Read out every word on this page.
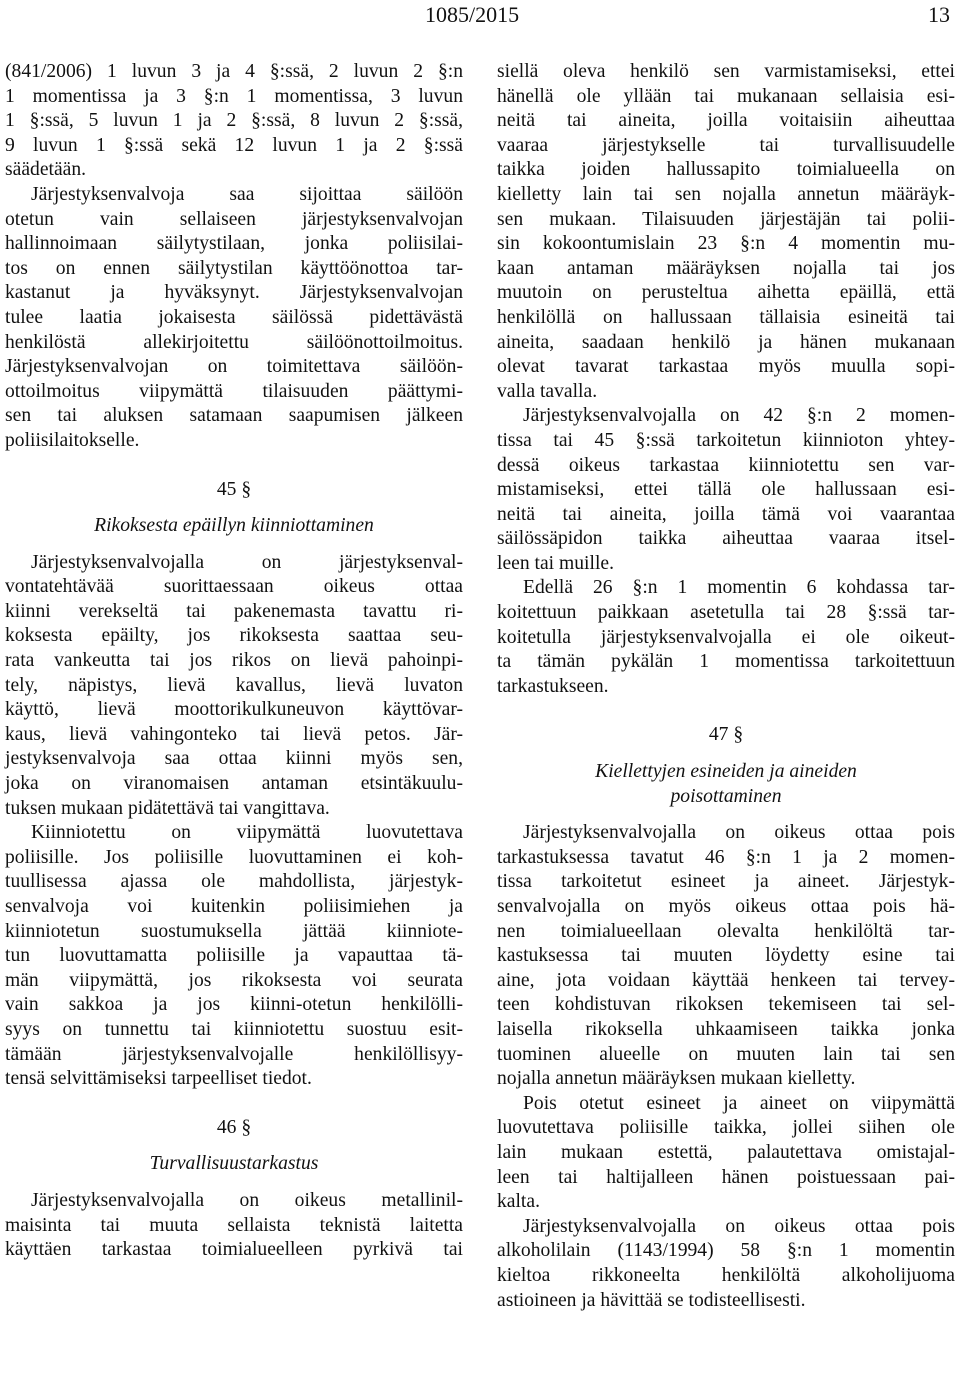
1085/2015	13
(841/2006) 1 luvun 3 ja 4 §:ssä, 2 luvun 2 §:n
1 momentissa ja 3 §:n 1 momentissa, 3 luvun
1 §:ssä, 5 luvun 1 ja 2 §:ssä, 8 luvun 2 §:ssä,
9 luvun 1 §:ssä sekä 12 luvun 1 ja 2 §:ssä
säädetään.
Järjestyksenvalvoja saa sijoittaa säilöön
otetun vain sellaiseen järjestyksenvalvojan
hallinnoimaan säilytystilaan, jonka poliisilai-
tos on ennen säilytystilan käyttöönottoa tar-
kastanut ja hyväksynyt. Järjestyksenvalvojan
tulee laatia jokaisesta säilössä pidettävästä
henkilöstä allekirjoitettu säilöönottoilmoitus.
Järjestyksenvalvojan on toimitettava säilöön-
ottoilmoitus viipymättä tilaisuuden päättymi-
sen tai aluksen satamaan saapumisen jälkeen
poliisilaitokselle.
45 §
Rikoksesta epäillyn kiinniottaminen
Järjestyksenvalvojalla on järjestyksenval-
vontatehtävää suorittaessaan oikeus ottaa
kiinni verekseltä tai pakenemasta tavattu ri-
koksesta epäilty, jos rikoksesta saattaa seu-
rata vankeutta tai jos rikos on lievä pahoinpi-
tely, näpistys, lievä kavallus, lievä luvaton
käyttö, lievä moottorikulkuneuvon käyttövar-
kaus, lievä vahingonteko tai lievä petos. Jär-
jestyksenvalvoja saa ottaa kiinni myös sen,
joka on viranomaisen antaman etsintäkuulu-
tuksen mukaan pidätettävä tai vangittava.
Kiinniotettu on viipymättä luovutettava
poliisille. Jos poliisille luovuttaminen ei koh-
tuullisessa ajassa ole mahdollista, järjestyk-
senvalvoja voi kuitenkin poliisimiehen ja
kiinniotetun suostumuksella jättää kiinniote-
tun luovuttamatta poliisille ja vapauttaa tä-
män viipymättä, jos rikoksesta voi seurata
vain sakkoa ja jos kiinni-otetun henkilölli-
syys on tunnettu tai kiinniotettu suostuu esit-
tämään järjestyksenvalvojalle henkilöllisyy-
tensä selvittämiseksi tarpeelliset tiedot.
46 §
Turvallisuustarkastus
Järjestyksenvalvojalla on oikeus metallinil-
maisinta tai muuta sellaista teknistä laitetta
käyttäen tarkastaa toimialueelleen pyrkivä tai
siellä oleva henkilö sen varmistamiseksi, ettei
hänellä ole yllään tai mukanaan sellaisia esi-
neitä tai aineita, joilla voitaisiin aiheuttaa
vaaraa järjestykselle tai turvallisuudelle
taikka joiden hallussapito toimialueella on
kielletty lain tai sen nojalla annetun määräyk-
sen mukaan. Tilaisuuden järjestäjän tai polii-
sin kokoontumislain 23 §:n 4 momentin mu-
kaan antaman määräyksen nojalla tai jos
muutoin on perusteltua aihetta epäillä, että
henkilöllä on hallussaan tällaisia esineitä tai
aineita, saadaan henkilö ja hänen mukanaan
olevat tavarat tarkastaa myös muulla sopi-
valla tavalla.
Järjestyksenvalvojalla on 42 §:n 2 momen-
tissa tai 45 §:ssä tarkoitetun kiinnioton yhtey-
dessä oikeus tarkastaa kiinniotettu sen var-
mistamiseksi, ettei tällä ole hallussaan esi-
neitä tai aineita, joilla tämä voi vaarantaa
säilössäpidon taikka aiheuttaa vaaraa itsel-
leen tai muille.
Edellä 26 §:n 1 momentin 6 kohdassa tar-
koitettuun paikkaan asetetulla tai 28 §:ssä tar-
koitetulla järjestyksenvalvojalla ei ole oikeut-
ta tämän pykälän 1 momentissa tarkoitettuun
tarkastukseen.
47 §
Kiellettyjen esineiden ja aineiden
poisottaminen
Järjestyksenvalvojalla on oikeus ottaa pois
tarkastuksessa tavatut 46 §:n 1 ja 2 momen-
tissa tarkoitetut esineet ja aineet. Järjestyk-
senvalvojalla on myös oikeus ottaa pois hä-
nen toimialueellaan olevalta henkilöltä tar-
kastuksessa tai muuten löydetty esine tai
aine, jota voidaan käyttää henkeen tai tervey-
teen kohdistuvan rikoksen tekemiseen tai sel-
laisella rikoksella uhkaamiseen taikka jonka
tuominen alueelle on muuten lain tai sen
nojalla annetun määräyksen mukaan kielletty.
Pois otetut esineet ja aineet on viipymättä
luovutettava poliisille taikka, jollei siihen ole
lain mukaan estettä, palautettava omistajal-
leen tai haltijalleen hänen poistuessaan pai-
kalta.
Järjestyksenvalvojalla on oikeus ottaa pois
alkoholilain (1143/1994) 58 §:n 1 momentin
kieltoa rikkoneelta henkilöltä alkoholijuoma
astioineen ja hävittää se todisteellisesti.
